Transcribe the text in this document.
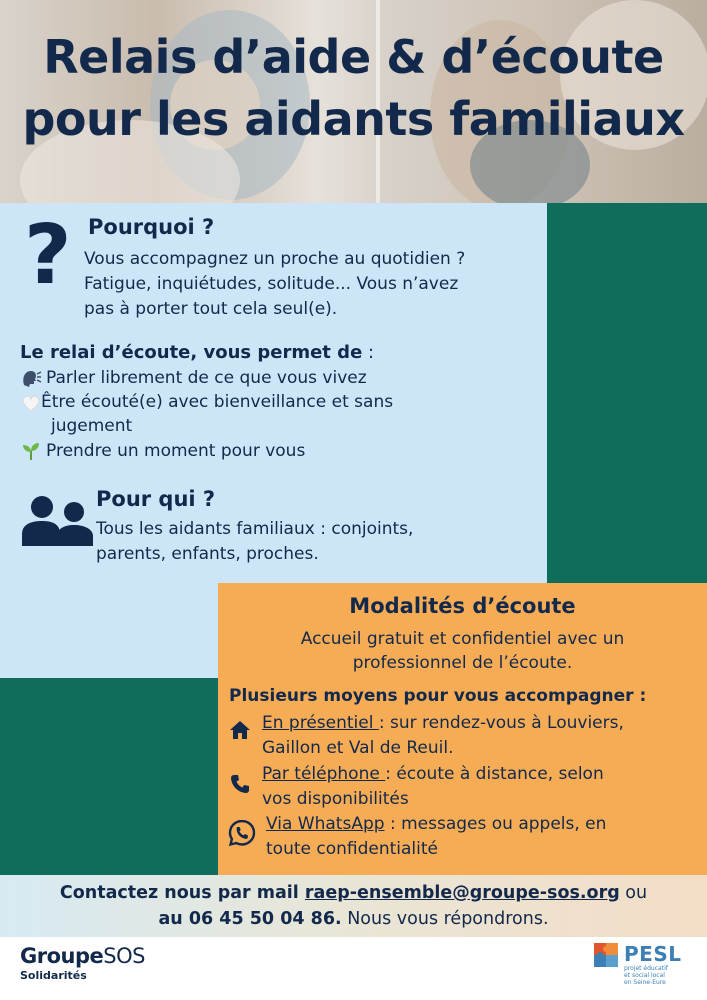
Relais d’aide & d’écoute
pour les aidants familiaux
? Pourquoi ?
Vous accompagnez un proche au quotidien ?
Fatigue, inquiétudes, solitude... Vous n’avez
pas à porter tout cela seul(e).
Le relai d’écoute, vous permet de :
Parler librement de ce que vous vivez
Être écouté(e) avec bienveillance et sans
jugement
Prendre un moment pour vous
Pour qui ?
Tous les aidants familiaux : conjoints,
parents, enfants, proches.
Modalités d’écoute
Accueil gratuit et confidentiel avec un
professionnel de l’écoute.
Plusieurs moyens pour vous accompagner :
En présentiel : sur rendez-vous à Louviers,
Gaillon et Val de Reuil.
Par téléphone : écoute à distance, selon
vos disponibilités
Via WhatsApp : messages ou appels, en
toute confidentialité
Contactez nous par mail raep-ensemble@groupe-sos.org ou
au 06 45 50 04 86. Nous vous répondrons.
GroupeSOS
Solidarités
PESL
projet éducatif
et social local
en Seine-Eure
